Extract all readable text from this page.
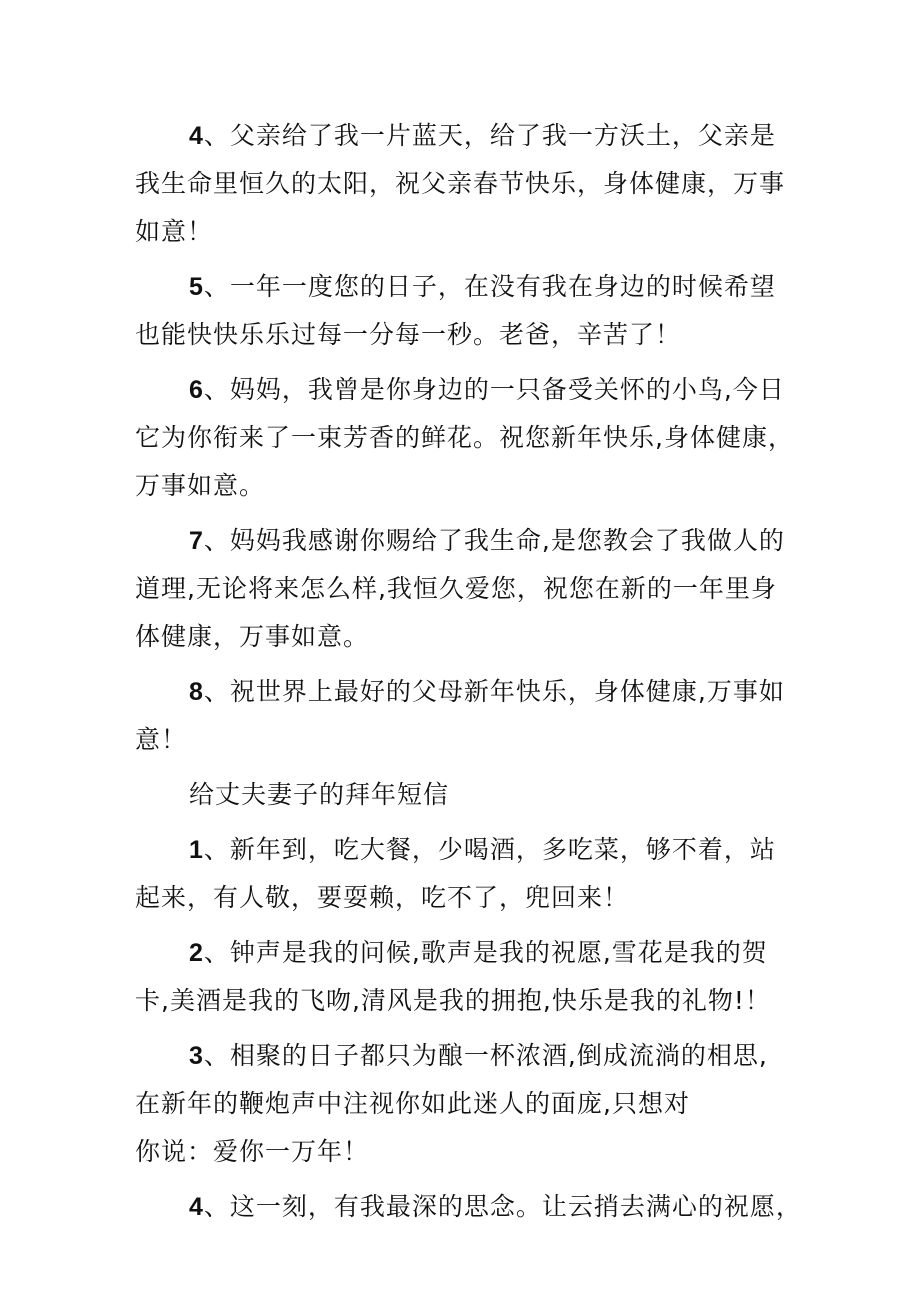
4、父亲给了我一片蓝天，给了我一方沃土，父亲是
我生命里恒久的太阳，祝父亲春节快乐，身体健康，万事
如意！
5、一年一度您的日子，在没有我在身边的时候希望
也能快快乐乐过每一分每一秒。老爸，辛苦了！
6、妈妈，我曾是你身边的一只备受关怀的小鸟,今日
它为你衔来了一束芳香的鲜花。祝您新年快乐,身体健康，
万事如意。
7、妈妈我感谢你赐给了我生命,是您教会了我做人的
道理,无论将来怎么样,我恒久爱您，祝您在新的一年里身
体健康，万事如意。
8、祝世界上最好的父母新年快乐，身体健康,万事如
意！
给丈夫妻子的拜年短信
1、新年到，吃大餐，少喝酒，多吃菜，够不着，站
起来，有人敬，要耍赖，吃不了，兜回来！
2、钟声是我的问候,歌声是我的祝愿,雪花是我的贺
卡,美酒是我的飞吻,清风是我的拥抱,快乐是我的礼物!！
3、相聚的日子都只为酿一杯浓酒,倒成流淌的相思,
在新年的鞭炮声中注视你如此迷人的面庞,只想对
你说：爱你一万年！
4、这一刻，有我最深的思念。让云捎去满心的祝愿，
